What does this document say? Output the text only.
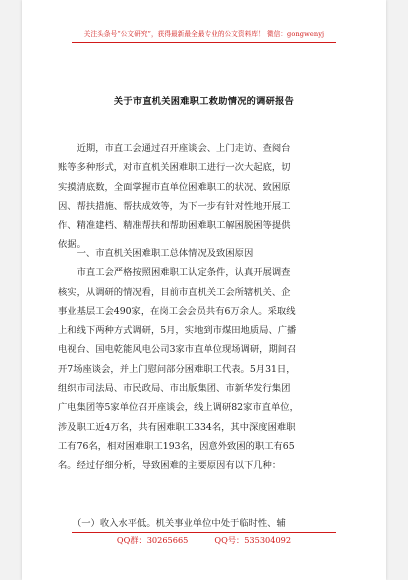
关注头条号“公文研究”，获得最新最全最专业的公文资料库！ 微信：gongwenyj
关于市直机关困难职工救助情况的调研报告
　　近期，市直工会通过召开座谈会、上门走访、查阅台
账等多种形式，对市直机关困难职工进行一次大起底，切
实摸清底数，全面掌握市直单位困难职工的状况、致困原
因、帮扶措施、帮扶成效等，为下一步有针对性地开展工
作、精准建档、精准帮扶和帮助困难职工解困脱困等提供
依据。
　　一、市直机关困难职工总体情况及致困原因
　　市直工会严格按照困难职工认定条件，认真开展调查
核实，从调研的情况看，目前市直机关工会所辖机关、企
事业基层工会490家，在岗工会会员共有6万余人。采取线
上和线下两种方式调研，5月，实地到市煤田地质局、广播
电视台、国电乾能风电公司3家市直单位现场调研，期间召
开7场座谈会，并上门慰问部分困难职工代表。5月31日，
组织市司法局、市民政局、市出版集团、市新华发行集团
广电集团等5家单位召开座谈会，线上调研82家市直单位，
涉及职工近4万名，共有困难职工334名，其中深度困难职
工有76名，相对困难职工193名，因意外致困的职工有65
名。经过仔细分析，导致困难的主要原因有以下几种：
　　（一）收入水平低。机关事业单位中处于临时性、辅
QQ群：30265665	QQ号：535304092
